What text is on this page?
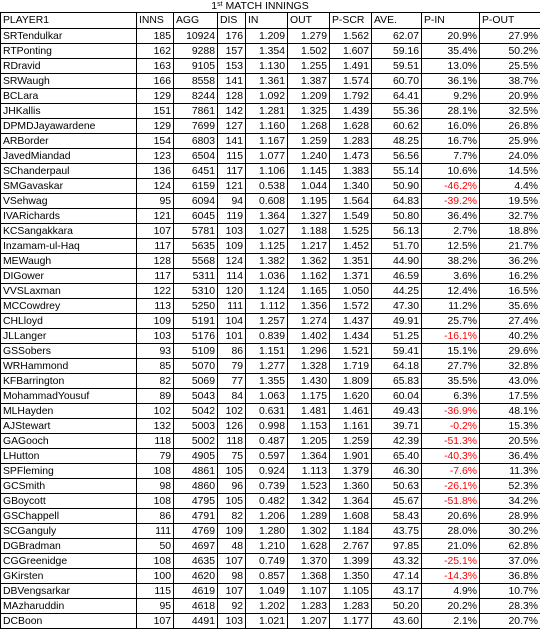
1st MATCH INNINGS
PLAYER1	INNS	AGG	DIS	IN	OUT	P-SCR	AVE.	P-IN	P-OUT
SRTendulkar	185	10924	176	1.209	1.279	1.562	62.07	20.9%	27.9%
RTPonting	162	9288	157	1.354	1.502	1.607	59.16	35.4%	50.2%
RDravid	163	9105	153	1.130	1.255	1.491	59.51	13.0%	25.5%
SRWaugh	166	8558	141	1.361	1.387	1.574	60.70	36.1%	38.7%
BCLara	129	8244	128	1.092	1.209	1.792	64.41	9.2%	20.9%
JHKallis	151	7861	142	1.281	1.325	1.439	55.36	28.1%	32.5%
DPMDJayawardene	129	7699	127	1.160	1.268	1.628	60.62	16.0%	26.8%
ARBorder	154	6803	141	1.167	1.259	1.283	48.25	16.7%	25.9%
JavedMiandad	123	6504	115	1.077	1.240	1.473	56.56	7.7%	24.0%
SChanderpaul	136	6451	117	1.106	1.145	1.383	55.14	10.6%	14.5%
SMGavaskar	124	6159	121	0.538	1.044	1.340	50.90	-46.2%	4.4%
VSehwag	95	6094	94	0.608	1.195	1.564	64.83	-39.2%	19.5%
IVARichards	121	6045	119	1.364	1.327	1.549	50.80	36.4%	32.7%
KCSangakkara	107	5781	103	1.027	1.188	1.525	56.13	2.7%	18.8%
Inzamam-ul-Haq	117	5635	109	1.125	1.217	1.452	51.70	12.5%	21.7%
MEWaugh	128	5568	124	1.382	1.362	1.351	44.90	38.2%	36.2%
DIGower	117	5311	114	1.036	1.162	1.371	46.59	3.6%	16.2%
VVSLaxman	122	5310	120	1.124	1.165	1.050	44.25	12.4%	16.5%
MCCowdrey	113	5250	111	1.112	1.356	1.572	47.30	11.2%	35.6%
CHLloyd	109	5191	104	1.257	1.274	1.437	49.91	25.7%	27.4%
JLLanger	103	5176	101	0.839	1.402	1.434	51.25	-16.1%	40.2%
GSSobers	93	5109	86	1.151	1.296	1.521	59.41	15.1%	29.6%
WRHammond	85	5070	79	1.277	1.328	1.719	64.18	27.7%	32.8%
KFBarrington	82	5069	77	1.355	1.430	1.809	65.83	35.5%	43.0%
MohammadYousuf	89	5043	84	1.063	1.175	1.620	60.04	6.3%	17.5%
MLHayden	102	5042	102	0.631	1.481	1.461	49.43	-36.9%	48.1%
AJStewart	132	5003	126	0.998	1.153	1.161	39.71	-0.2%	15.3%
GAGooch	118	5002	118	0.487	1.205	1.259	42.39	-51.3%	20.5%
LHutton	79	4905	75	0.597	1.364	1.901	65.40	-40.3%	36.4%
SPFleming	108	4861	105	0.924	1.113	1.379	46.30	-7.6%	11.3%
GCSmith	98	4860	96	0.739	1.523	1.360	50.63	-26.1%	52.3%
GBoycott	108	4795	105	0.482	1.342	1.364	45.67	-51.8%	34.2%
GSChappell	86	4791	82	1.206	1.289	1.608	58.43	20.6%	28.9%
SCGanguly	111	4769	109	1.280	1.302	1.184	43.75	28.0%	30.2%
DGBradman	50	4697	48	1.210	1.628	2.767	97.85	21.0%	62.8%
CGGreenidge	108	4635	107	0.749	1.370	1.399	43.32	-25.1%	37.0%
GKirsten	100	4620	98	0.857	1.368	1.350	47.14	-14.3%	36.8%
DBVengsarkar	115	4619	107	1.049	1.107	1.105	43.17	4.9%	10.7%
MAzharuddin	95	4618	92	1.202	1.283	1.283	50.20	20.2%	28.3%
DCBoon	107	4491	103	1.021	1.207	1.177	43.60	2.1%	20.7%
